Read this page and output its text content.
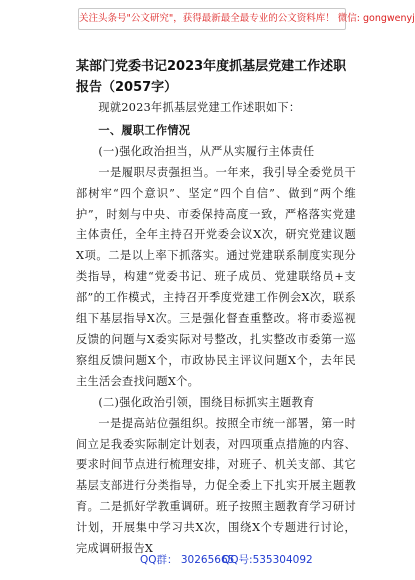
关注头条号"公文研究"，获得最新最全最专业的公文资料库！ 微信: gongwenyj
某部门党委书记2023年度抓基层党建工作述职报告（2057字）

现就2023年抓基层党建工作述职如下：

一、履职工作情况

(一)强化政治担当，从严从实履行主体责任

一是履职尽责强担当。一年来，我引导全委党员干部树牢“四个意识”、坚定“四个自信”、做到“两个维护”，时刻与中央、市委保持高度一致，严格落实党建主体责任，全年主持召开党委会议X次，研究党建议题X项。二是以上率下抓落实。通过党建联系制度实现分类指导，构建“党委书记、班子成员、党建联络员+支部”的工作模式，主持召开季度党建工作例会X次，联系组下基层指导X次。三是强化督查重整改。将市委巡视反馈的问题与X委实际对号整改，扎实整改市委第一巡察组反馈问题X个，市政协民主评议问题X个，去年民主生活会查找问题X个。

(二)强化政治引领，围绕目标抓实主题教育

一是提高站位强组织。按照全市统一部署，第一时间立足我委实际制定计划表，对四项重点措施的内容、要求时间节点进行梳理安排，对班子、机关支部、其它基层支部进行分类指导，力促全委上下扎实开展主题教育。二是抓好学教重调研。班子按照主题教育学习研讨计划，开展集中学习共X次，围绕X个专题进行讨论，完成调研报告X

QQ群： 30265665
QQ号:535304092
